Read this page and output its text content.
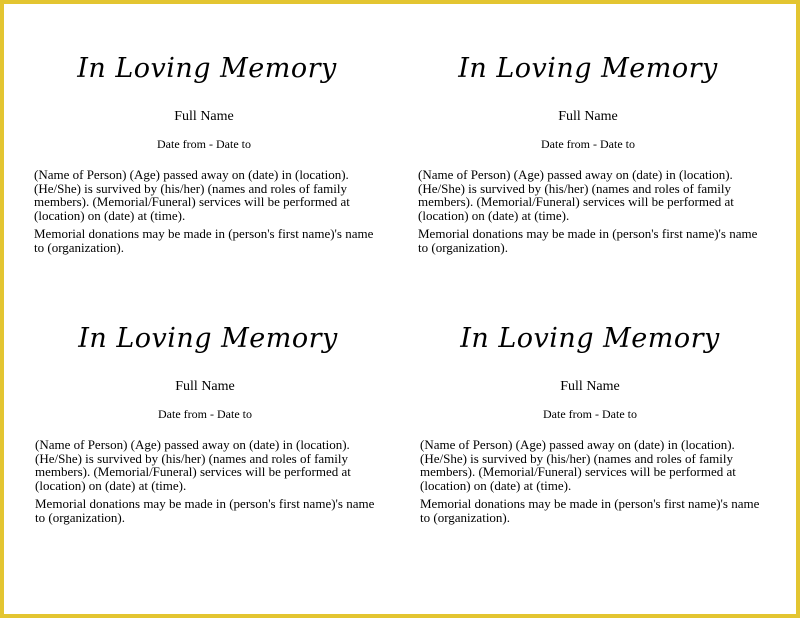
In Loving Memory
Full Name
Date from - Date to

(Name of Person) (Age) passed away on (date) in (location). (He/She) is survived by (his/her) (names and roles of family members). (Memorial/Funeral) services will be performed at (location) on (date) at (time).

Memorial donations may be made in (person's first name)'s name to (organization).

In Loving Memory
Full Name
Date from - Date to

(Name of Person) (Age) passed away on (date) in (location). (He/She) is survived by (his/her) (names and roles of family members). (Memorial/Funeral) services will be performed at (location) on (date) at (time).

Memorial donations may be made in (person's first name)'s name to (organization).

In Loving Memory
Full Name
Date from - Date to

(Name of Person) (Age) passed away on (date) in (location). (He/She) is survived by (his/her) (names and roles of family members). (Memorial/Funeral) services will be performed at (location) on (date) at (time).

Memorial donations may be made in (person's first name)'s name to (organization).

In Loving Memory
Full Name
Date from - Date to

(Name of Person) (Age) passed away on (date) in (location). (He/She) is survived by (his/her) (names and roles of family members). (Memorial/Funeral) services will be performed at (location) on (date) at (time).

Memorial donations may be made in (person's first name)'s name to (organization).
